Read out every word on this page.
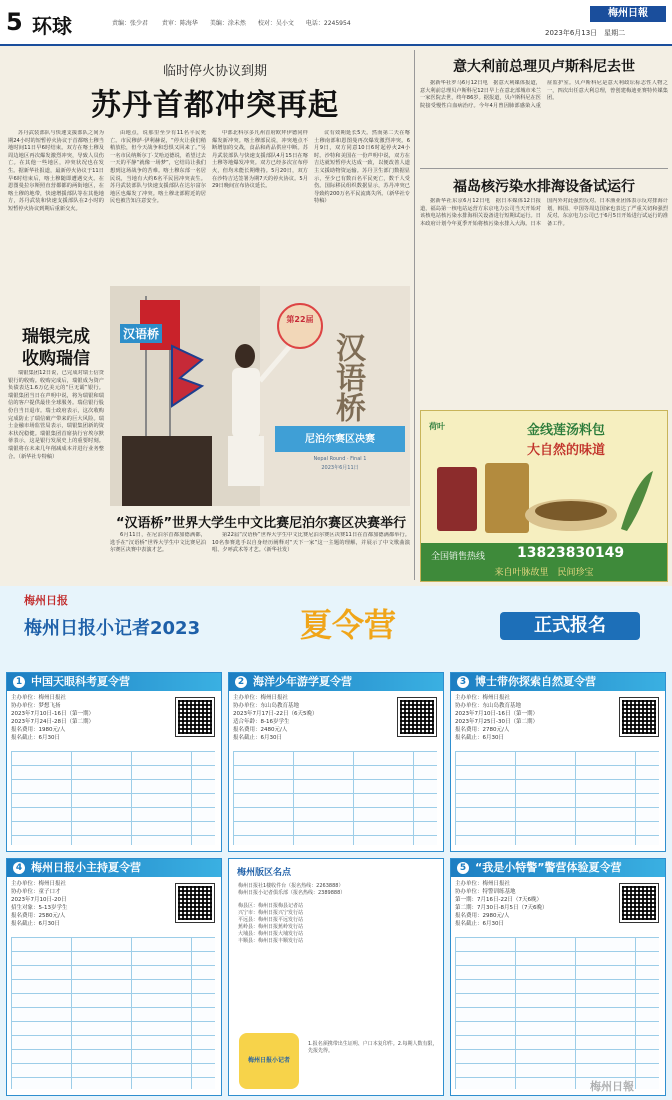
5 环球	责编：张少君　　 责审：陈海华　　美编：涂未然　　校对：吴小文　　电话：2245954
梅州日報
2023年6月13日　星期二
临时停火协议到期
苏丹首都冲突再起

苏丹武装部队与快速支援部队之间为期24小时的短暂停火协议于首都喀土穆当地时间11日早6时结束。双方在喀土穆及周边地区再次爆发激烈冲突，导致人员伤亡。在其他一些地区，冲突状况也在发生。据新华社报道，最新停火协议于11日早6时结束后，喀土穆随即遭遇交火。在恩图曼拉尔斯照直营都都的两街地区，在喀土穆的地带，快速增援部队等在其他地方，苏丹武装和快速支援部队在2小时的短暂停火协议到期后重新交火。

由地点，说那里至少有11名平民死亡。市民穆萨·伊利赫说，“停火让我们稍稍放松，但今天战争和恐惧又回来了。”另一名市民纳斯尔丁·艾哈迈德说，希望过去一天的平静“就像一场梦”，它结局让我们想到这场战争的苦难。喀土穆东部一名居民说，当地有大约6名平民因冲突丧生。苏丹武装部队与快速支援部队在达尔富尔地区也爆发了冲突。喀土穆北部附近的居民也被告知注意安全。

中部北科尔多凡州首府欧拜伊德同样爆发新冲突。喀土穆部民说，冲突地点不断增加的交战，食品和药品供应中断。苏丹武装部队与快速支援部队4月15日在喀土穆等地爆发冲突。双方已经多次宣布停火，但均未能长期维持。5月20日，双方在沙特吉达签署为期7天的停火协议。5月29日晚间宣布协议延长。

议有效期延长5天。然而第二天在喀土穆南部和恩图曼再次爆发激烈冲突。6月9日，双方同意10日6时起停火24小时。沙特和美国在一份声明中说，双方在吉达就短暂停火达成一致，以便改善人道主义援助物资运输。苏丹卫生部门数据显示，至少已有数百名平民死亡，数千人受伤。国际移民组织数据显示，苏丹冲突已导致约200万名平民流离失所。（新华社专特稿）

瑞银完成
收购瑞信

瑞银集团12日说，已完成对瑞士信贷银行的收购。收购完成后，瑞银成为资产负债表达1.6万亿美元的“巨无霸”银行。瑞银集团当日在声明中说，将为瑞银和瑞信的客户提供最佳全球服务。瑞信银行股份自当日退市。瑞士政府表示，这次收购完成防止了瑞信破产带来的巨大风险。瑞士金融市场监管局表示，瑞银集团新的资本状况稳健。瑞银集团首席执行官埃尔默蒂表示，这是银行发展史上的重要时刻。瑞银将在未来几年削减成本并进行业务整合。（新华社专特稿）

汉语桥
汉语桥
第22届
尼泊尔赛区决赛
Nepal Round · Final 1
2023年6月11日
“汉语桥”世界大学生中文比赛尼泊尔赛区决赛举行

6月11日，在尼泊尔首都加德满都，选手在“汉语桥”世界大学生中文比赛尼泊尔赛区决赛中表演才艺。

第22届“汉语桥”世界大学生中文比赛尼泊尔赛区决赛11日在首都加德满都举行。10名参赛选手以自身经历阐释对“天下一家”这一主题的理解，并展示了中文歌曲演唱、夕呼武术等才艺。（新华社发）

意大利前总理贝卢斯科尼去世

据新华社罗马6月12日电　据意大利媒体报道，意大利前总理贝卢斯科尼12日早上在意北部城市米兰一家医院去世，终年86岁。据报道，贝卢斯科尼在医院接受慢性白血病治疗。今年4月曾因肺部感染入重症监护室。贝卢斯科尼是意大利政坛标志性人物之一，四次出任意大利总理，曾创建梅迪亚赛特传媒集团。

福岛核污染水排海设备试运行

据新华社东京6月12日电　据日本媒体12日报道，福岛第一核电站运营方东京电力公司当天开始对该核电站核污染水排海相关设备进行短期试运行。日本政府计划今年夏季开始将核污染水排入大海。日本国内外对此强烈反对。日本渔业团体表示反对排海计划，韩国、中国等周边国家也表达了严重关切和强烈反对。东京电力公司已于6月5日开始进行试运行的准备工作。

荷叶	金线莲汤料包
大自然的味道
全国销售热线 13823830149
来自叶脉故里　民间珍宝
梅州日报
梅州日报小记者2023	夏令营	正式报名
1 中国天眼科考夏令营
主办单位：梅州日报社
协办单位：梦想飞扬
2023年7月10日-16日（第一期）
2023年7月24日-28日（第二期）
报名费用：1980元/人
报名截止：6月30日
2 海洋少年游学夏令营
主办单位：梅州日报社
协办单位：东山岛教育基地
2023年7月17日-22日（6天5晚）
适合年龄：8-16岁学生
报名费用：2480元/人
报名截止：6月30日
3 博士带你探索自然夏令营
主办单位：梅州日报社
协办单位：东山岛教育基地
2023年7月10日-16日（第一期）
2023年7月25日-30日（第二期）
报名费用：2780元/人
报名截止：6月30日
4 梅州日报小主持夏令营
主办单位：梅州日报社
协办单位：童子口才
2023年7月10日-20日
招生对象：5-13岁学生
报名费用：2580元/人
报名截止：6月30日
梅州版区名点
梅州日报社1楼收件台（报名热线：2263888）
梅州日报小记者俱乐部（报名热线：2389888）
梅县区：梅州日报梅县记者站
兴宁市：梅州日报兴宁发行站
平远县：梅州日报平远发行站
蕉岭县：梅州日报蕉岭发行站
大埔县：梅州日报大埔发行站
丰顺县：梅州日报丰顺发行站
梅州日报小记者
1.报名须携带出生证明、户口本复印件。2.每期人数有限，先报先得。
5 “我是小特警”警营体验夏令营
主办单位：梅州日报社
协办单位：特警训练基地
第一期：7月16日-22日（7天6晚）
第二期：7月30日-8月5日（7天6晚）
报名费用：2980元/人
报名截止：6月30日
梅州日報
